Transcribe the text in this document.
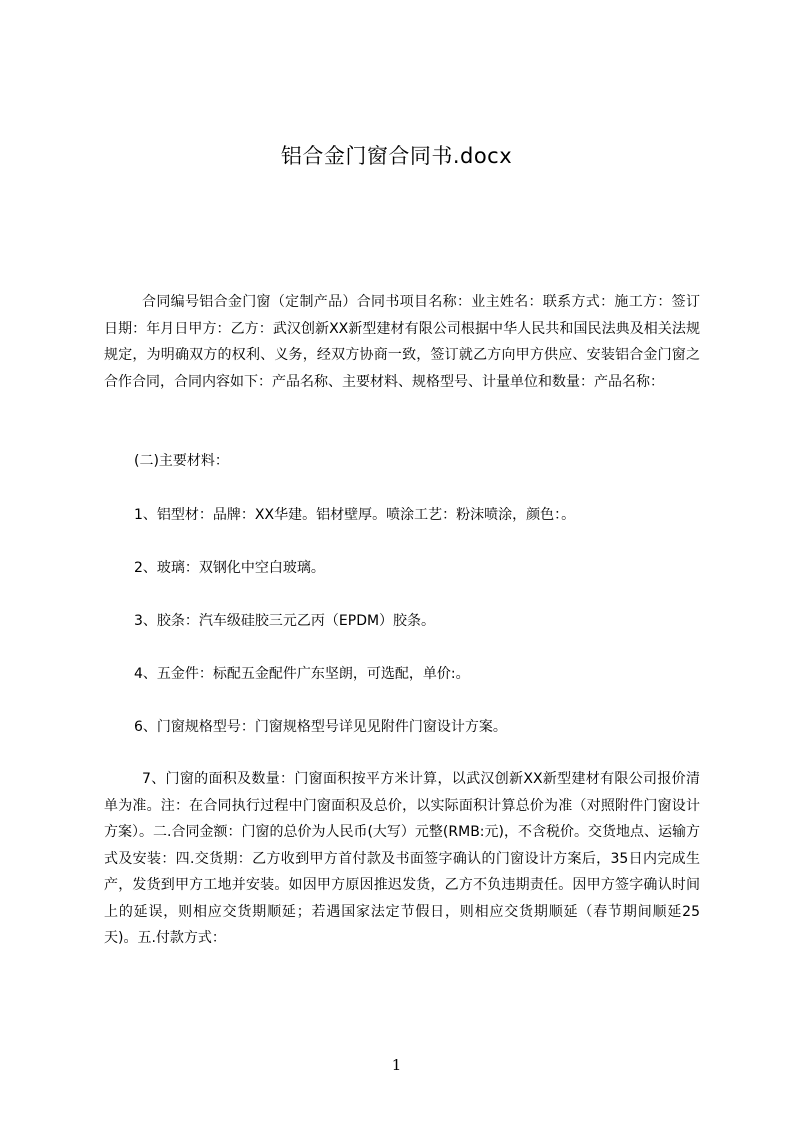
铝合金门窗合同书.docx

合同编号铝合金门窗（定制产品）合同书项目名称：业主姓名：联系方式：施工方：签订日期：年月日甲方：乙方：武汉创新XX新型建材有限公司根据中华人民共和国民法典及相关法规规定，为明确双方的权利、义务，经双方协商一致，签订就乙方向甲方供应、安装铝合金门窗之合作合同，合同内容如下：产品名称、主要材料、规格型号、计量单位和数量：产品名称：

(二)主要材料：
1、铝型材：品牌：XX华建。铝材壁厚。喷涂工艺：粉沫喷涂，颜色：。
2、玻璃：双钢化中空白玻璃。
3、胶条：汽车级硅胶三元乙丙（EPDM）胶条。
4、五金件：标配五金配件广东坚朗，可选配，单价:。
6、门窗规格型号：门窗规格型号详见见附件门窗设计方案。

7、门窗的面积及数量：门窗面积按平方米计算，以武汉创新XX新型建材有限公司报价清单为准。注：在合同执行过程中门窗面积及总价，以实际面积计算总价为准（对照附件门窗设计方案）。二.合同金额：门窗的总价为人民币(大写）元整(RMB:元)，不含税价。交货地点、运输方式及安装：四.交货期：乙方收到甲方首付款及书面签字确认的门窗设计方案后，35日内完成生产，发货到甲方工地并安装。如因甲方原因推迟发货，乙方不负违期责任。因甲方签字确认时间上的延误，则相应交货期顺延；若遇国家法定节假日，则相应交货期顺延（春节期间顺延25天)。五.付款方式：

1
